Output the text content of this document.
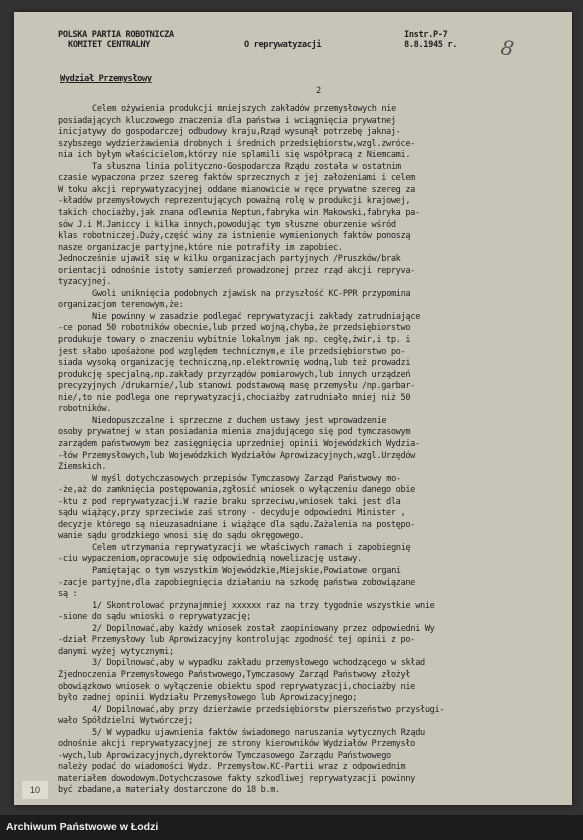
POLSKA PARTIA ROBOTNICZA
KOMITET CENTRALNY	O reprywatyzacji
Instr.P-7
8.8.1945 r. 8
Wydział Przemysłowy
2
Celem ożywienia produkcji mniejszych zakładów przemysłowych nie
posiadających kluczowego znaczenia dla państwa i wciągnięcia prywatnej
inicjatywy do gospodarczej odbudowy kraju,Rząd wysunął potrzebę jaknaj-
szybszego wydzierżawienia drobnych i średnich przedsiębiorstw,wzgl.zwróce-
nia ich byłym właścicielom,którzy nie splamili się współpracą z Niemcami.
Ta słuszna linia polityczno-Gospodarcza Rządu została w ostatnim
czasie wypaczona przez szereg faktów sprzecznych z jej założeniami i celem
W toku akcji reprywatyzacyjnej oddane mianowicie w ręce prywatne szereg za
-kładów przemysłowych reprezentujących poważną rolę w produkcji krajowej,
takich chociażby,jak znana odlewnia Neptun,fabryka win Makowski,fabryka pa-
sów J.i M.Janiccy i kilka innych,powodując tym słuszne oburzenie wśród
klas robotniczej.Duży,część winy za istnienie wymienionych faktów ponoszą
nasze organizacje partyjne,które nie potrafiły im zapobiec.
Jednocześnie ujawił się w kilku organizacjach partyjnych /Pruszków/brak
orientacji odnośnie istoty samierzeń prowadzonej przez rząd akcji repryva-
tyzacyjnej.
Gwoli uniknięcia podobnych zjawisk na przyszłość KC-PPR przypomina
organizacjom terenowym,że:
Nie powinny w zasadzie podlegać reprywatyzacji zakłady zatrudniające
-ce ponad 50 robotników obecnie,lub przed wojną,chyba,że przedsiębiorstwo
produkuje towary o znaczeniu wybitnie lokalnym jak np. cegłę,żwir,i tp. i
jest słabo upośażone pod względem technicznym,e ile przedsiębiorstwo po-
siada wysoką organizację techniczną,np.elektrownię wodną,lub też prowadzi
produkcję specjalną,np.zakłady przyrządów pomiarowych,lub innych urządzeń
precyzyjnych /drukarnie/,lub stanowi podstawową masę przemysłu /np.garbar-
nie/,to nie podlega one reprywatyzacji,chociażby zatrudniało mniej niż 50
robotników.
Niedopuszczalne i sprzeczne z duchem ustawy jest wprowadzenie
osoby prywatnej w stan posiadania mienia znajdującego się pod tymczasowym
zarządem państwowym bez zasięgnięcia uprzedniej opinii Wojewódzkich Wydzia-
-łów Przemysłowych,lub Wojewódzkich Wydziałów Aprowizacyjnych,wzgl.Urzędów
Ziemskich.
W myśl dotychczasowych przepisów Tymczasowy Zarząd Państwowy mo-
-że,aż do zamknięcia postępowania,zgłosić wniosek o wyłączeniu danego obie
-ktu z pod reprywatyzacji.W razie braku sprzeciwu,wniosek taki jest dla
sądu wiążący,przy sprzeciwie zaś strony - decyduje odpowiedni Minister ,
decyzje którego są nieuzasadniane i wiążące dla sądu.Zażalenia na postępo-
wanie sądu grodzkiego wnosi się do sądu okręgowego.
Celem utrzymania reprywatyzacji we właściwych ramach i zapobiegnię
-ciu wypaczeniom,opracowuje się odpowiednią nowelizację ustawy.
Pamiętając o tym wszystkim Wojewódzkie,Miejskie,Powiatowe organi
-zacje partyjne,dla zapobiegnięcia działaniu na szkodę państwa zobowiązane
są :
1/ Skontrolować przynajmniej xxxxxx raz na trzy tygodnie wszystkie wnie
-sione do sądu wnioski o reprywatyzację;
2/ Dopilnować,aby każdy wniosek został zaopiniowany przez odpowiedni Wy
-dział Przemysłowy lub Aprowizacyjny kontrolując zgodność tej opinii z po-
danymi wyżej wytycznymi;
3/ Dopilnować,aby w wypadku zakładu przemysłowego wchodzącego w skład
Zjednoczenia Przemysłowego Państwowego,Tymczasowy Zarząd Państwowy złożył
obowiązkowo wniosek o wyłączenie obiektu spod reprywatyzacji,chociażby nie
było zadnej opinii Wydziału Przemysłowego lub Aprowizacyjnego;
4/ Dopilnować,aby przy dzierżawie przedsiębiorstw pierszeństwo przysługi-
wało Spółdzielni Wytwórczej;
5/ W wypadku ujawnienia faktów świadomego naruszania wytycznych Rządu
odnośnie akcji reprywatyzacyjnej ze strony kierowników Wydziałów Przemysło
-wych,lub Aprowizacyjnych,dyrektorów Tymczasowego Zarządu Państwowego
należy podać do wiadomości Wydz. Przemysłow.KC-Partii wraz z odpowiednim
materiałem dowodowym.Dotychczasowe fakty szkodliwej reprywatyzacji powinny
być zbadane,a materiały dostarczone do 18 b.m.
10
Archiwum Państwowe w Łodzi
